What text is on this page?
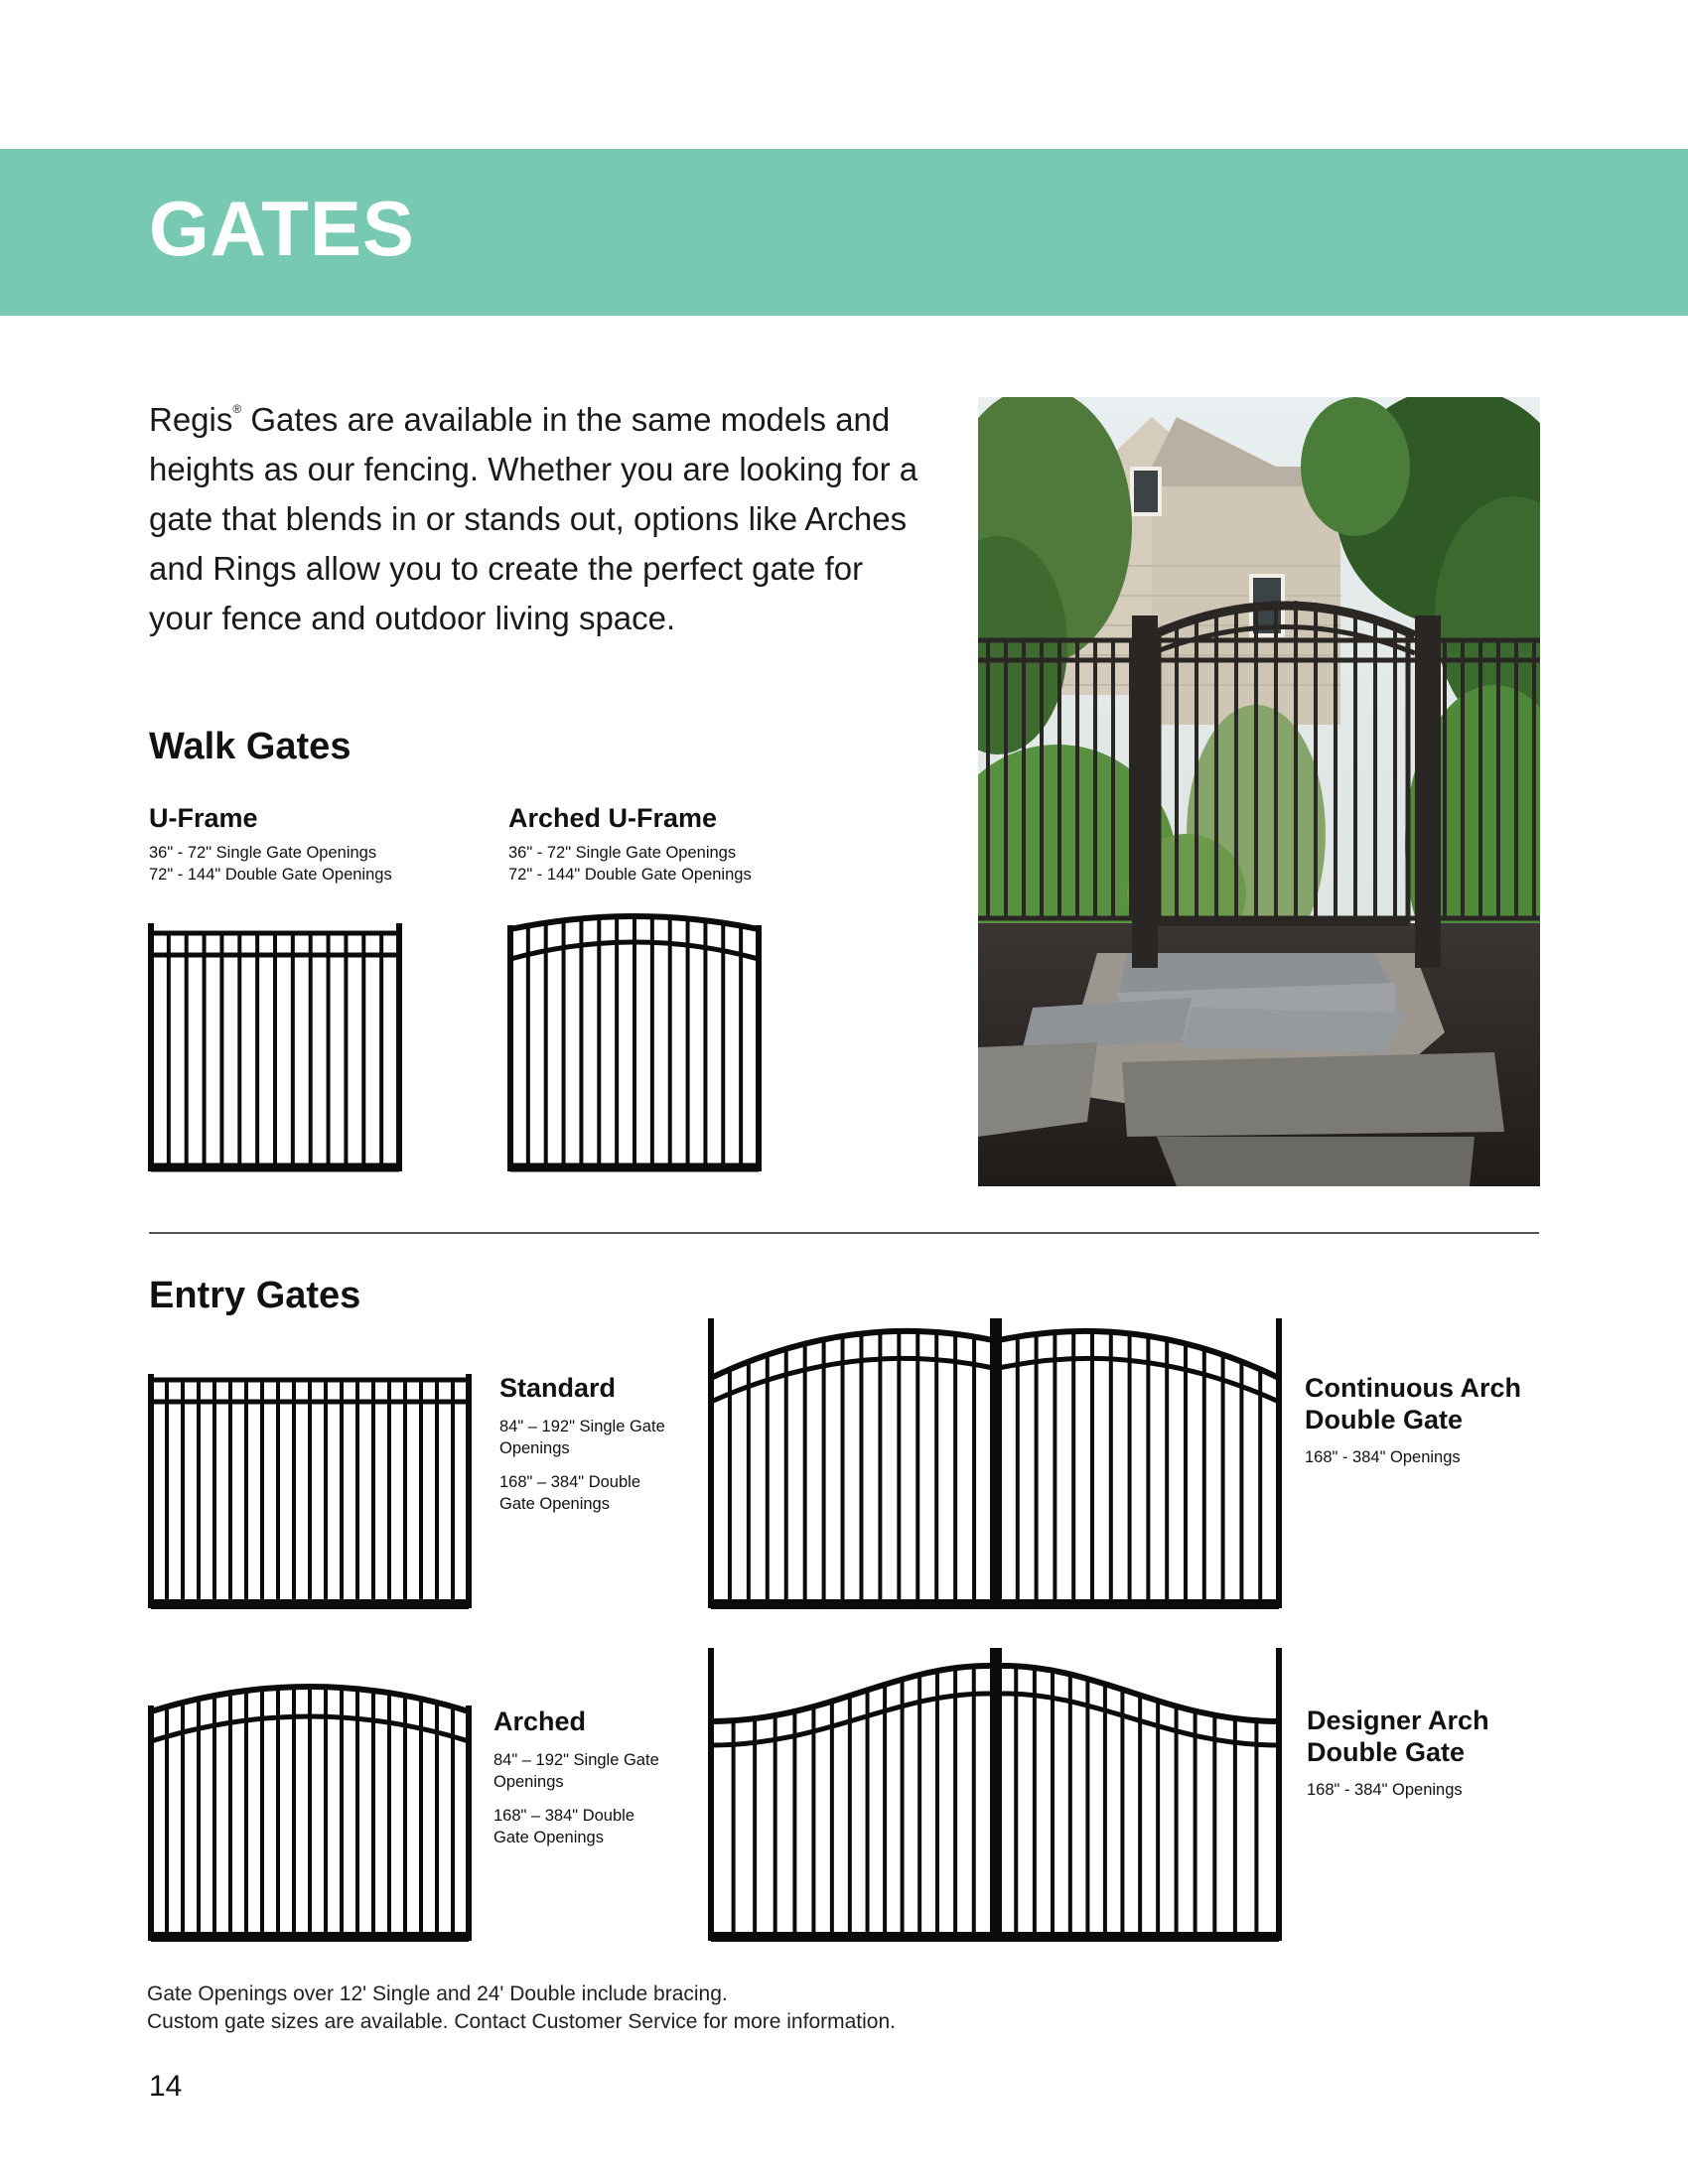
GATES

Regis® Gates are available in the same models and heights as our fencing. Whether you are looking for a gate that blends in or stands out, options like Arches and Rings allow you to create the perfect gate for your fence and outdoor living space.

Walk Gates
U-Frame

36" - 72" Single Gate Openings

72" - 144" Double Gate Openings

Arched U-Frame

36" - 72" Single Gate Openings

72" - 144" Double Gate Openings

Entry Gates
Standard

84" – 192" Single Gate Openings

168" – 384" Double Gate Openings

Continuous Arch Double Gate

168" - 384" Openings

Arched

84" – 192" Single Gate Openings

168" – 384" Double Gate Openings

Designer Arch Double Gate

168" - 384" Openings

Gate Openings over 12' Single and 24' Double include bracing.
Custom gate sizes are available. Contact Customer Service for more information.

14
